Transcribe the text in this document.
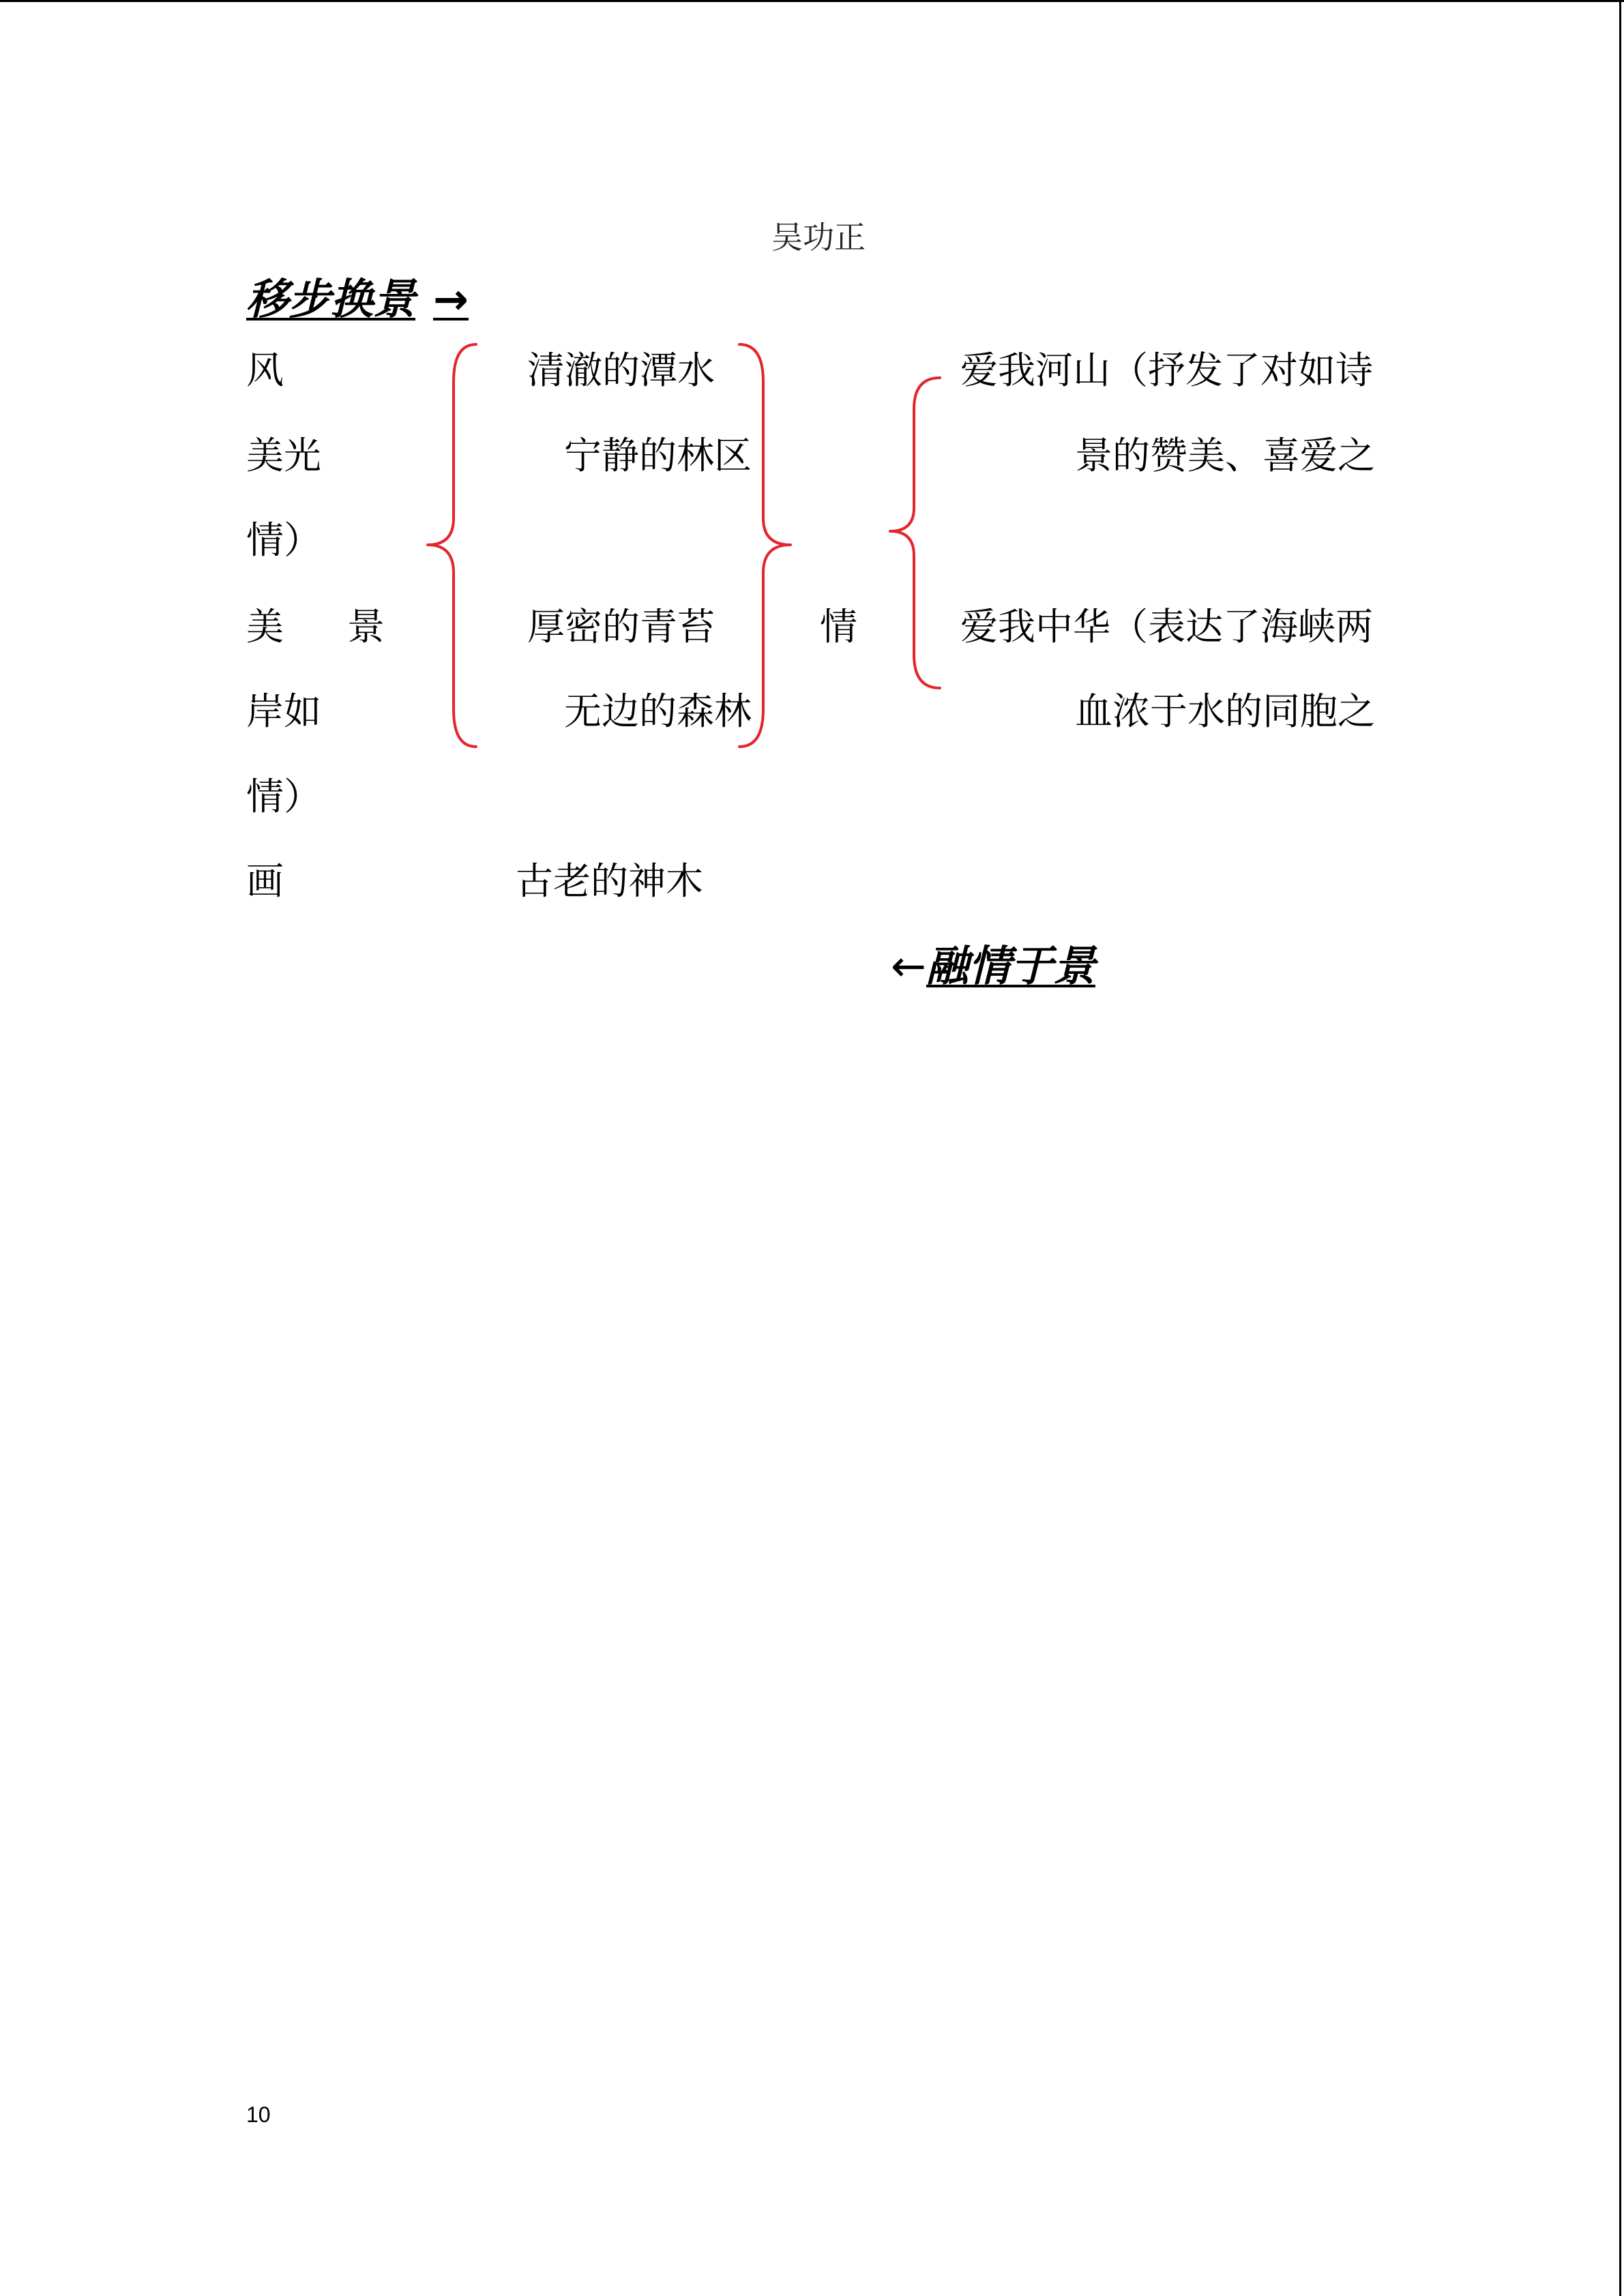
吴功正
移步换景 →
风
美光
情）
美 景
岸如
情）
画
清澈的潭水
宁静的林区
厚密的青苔
无边的森林
古老的神木
情
爱我河山（抒发了对如诗
景的赞美、喜爱之
爱我中华（表达了海峡两
血浓于水的同胞之
←融情于景
10
